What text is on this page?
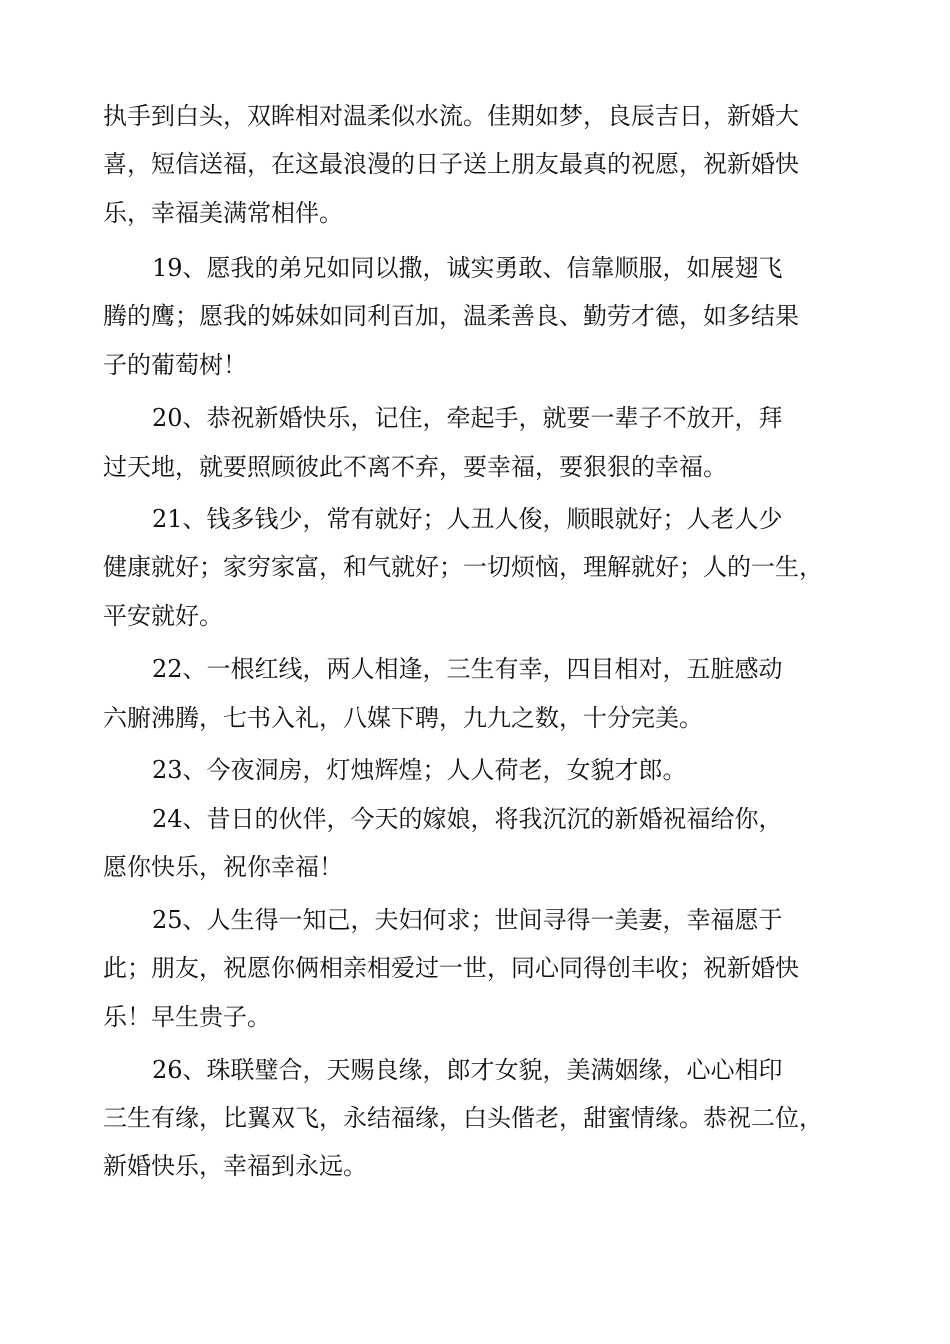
执手到白头，双眸相对温柔似水流。佳期如梦，良辰吉日，新婚大
喜，短信送福，在这最浪漫的日子送上朋友最真的祝愿，祝新婚快
乐，幸福美满常相伴。
19、愿我的弟兄如同以撒，诚实勇敢、信靠顺服，如展翅飞
腾的鹰；愿我的姊妹如同利百加，温柔善良、勤劳才德，如多结果
子的葡萄树！
20、恭祝新婚快乐，记住，牵起手，就要一辈子不放开，拜
过天地，就要照顾彼此不离不弃，要幸福，要狠狠的幸福。
21、钱多钱少，常有就好；人丑人俊，顺眼就好；人老人少
健康就好；家穷家富，和气就好；一切烦恼，理解就好；人的一生，
平安就好。
22、一根红线，两人相逢，三生有幸，四目相对，五脏感动
六腑沸腾，七书入礼，八媒下聘，九九之数，十分完美。
23、今夜洞房，灯烛辉煌；人人荷老，女貌才郎。
24、昔日的伙伴，今天的嫁娘，将我沉沉的新婚祝福给你，
愿你快乐，祝你幸福！
25、人生得一知己，夫妇何求；世间寻得一美妻，幸福愿于
此；朋友，祝愿你俩相亲相爱过一世，同心同得创丰收；祝新婚快
乐！早生贵子。
26、珠联璧合，天赐良缘，郎才女貌，美满姻缘，心心相印
三生有缘，比翼双飞，永结福缘，白头偕老，甜蜜情缘。恭祝二位，
新婚快乐，幸福到永远。
